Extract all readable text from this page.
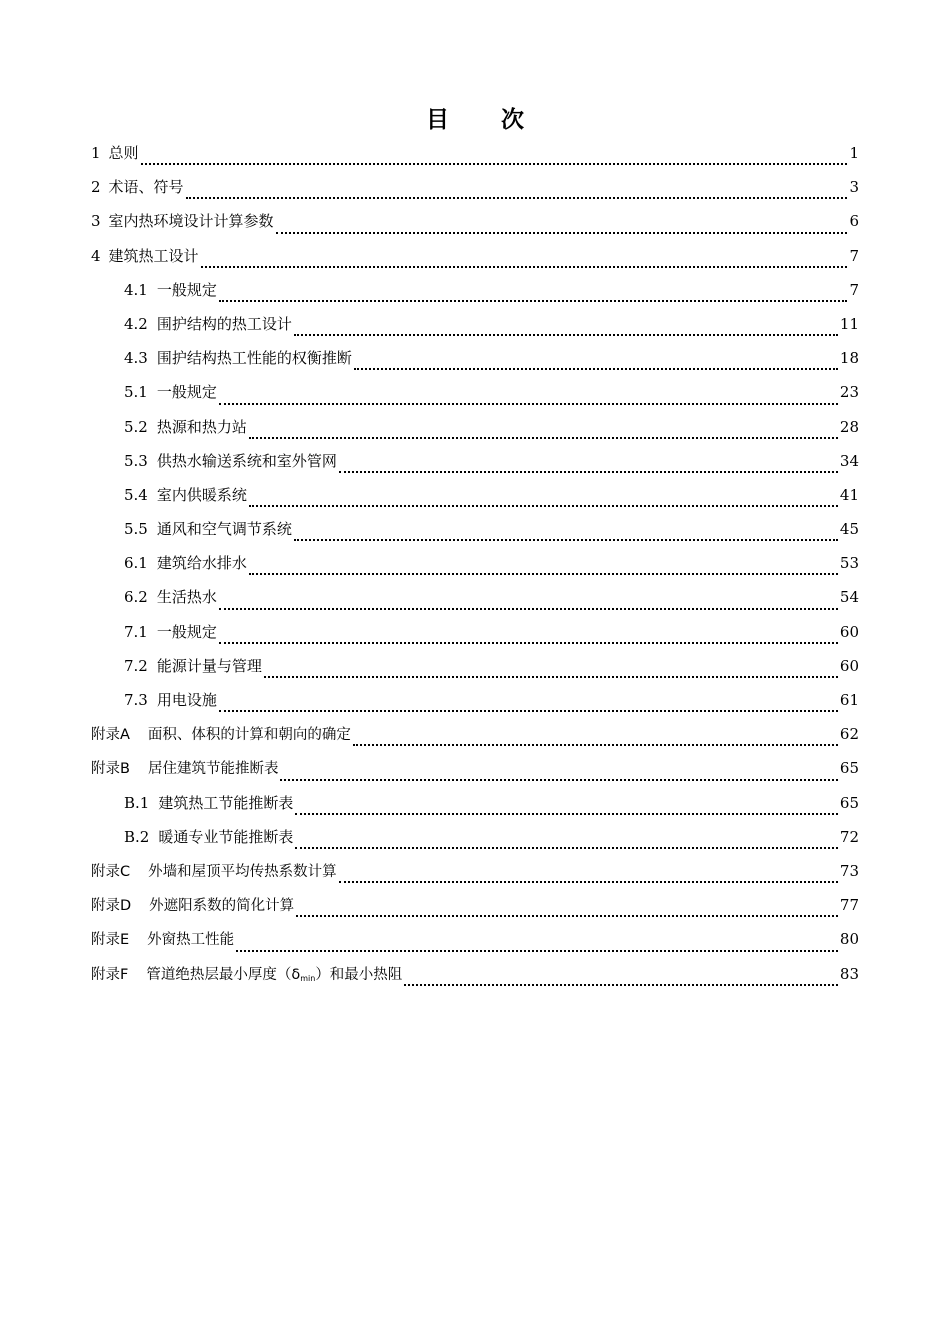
目 次
1 总则	1
2 术语、符号	3
3 室内热环境设计计算参数	6
4 建筑热工设计	7
4.1 一般规定	7
4.2 围护结构的热工设计	11
4.3 围护结构热工性能的权衡推断	18
5.1 一般规定	23
5.2 热源和热力站	28
5.3 供热水输送系统和室外管网	34
5.4 室内供暖系统	41
5.5 通风和空气调节系统	45
6.1 建筑给水排水	53
6.2 生活热水	54
7.1 一般规定	60
7.2 能源计量与管理	60
7.3 用电设施	61
附录A 面积、体积的计算和朝向的确定	62
附录B 居住建筑节能推断表	65
B.1 建筑热工节能推断表	65
B.2 暖通专业节能推断表	72
附录C 外墙和屋顶平均传热系数计算	73
附录D 外遮阳系数的简化计算	77
附录E 外窗热工性能	80
附录F 管道绝热层最小厚度$(\delta_{min})$和最小热阻	83
